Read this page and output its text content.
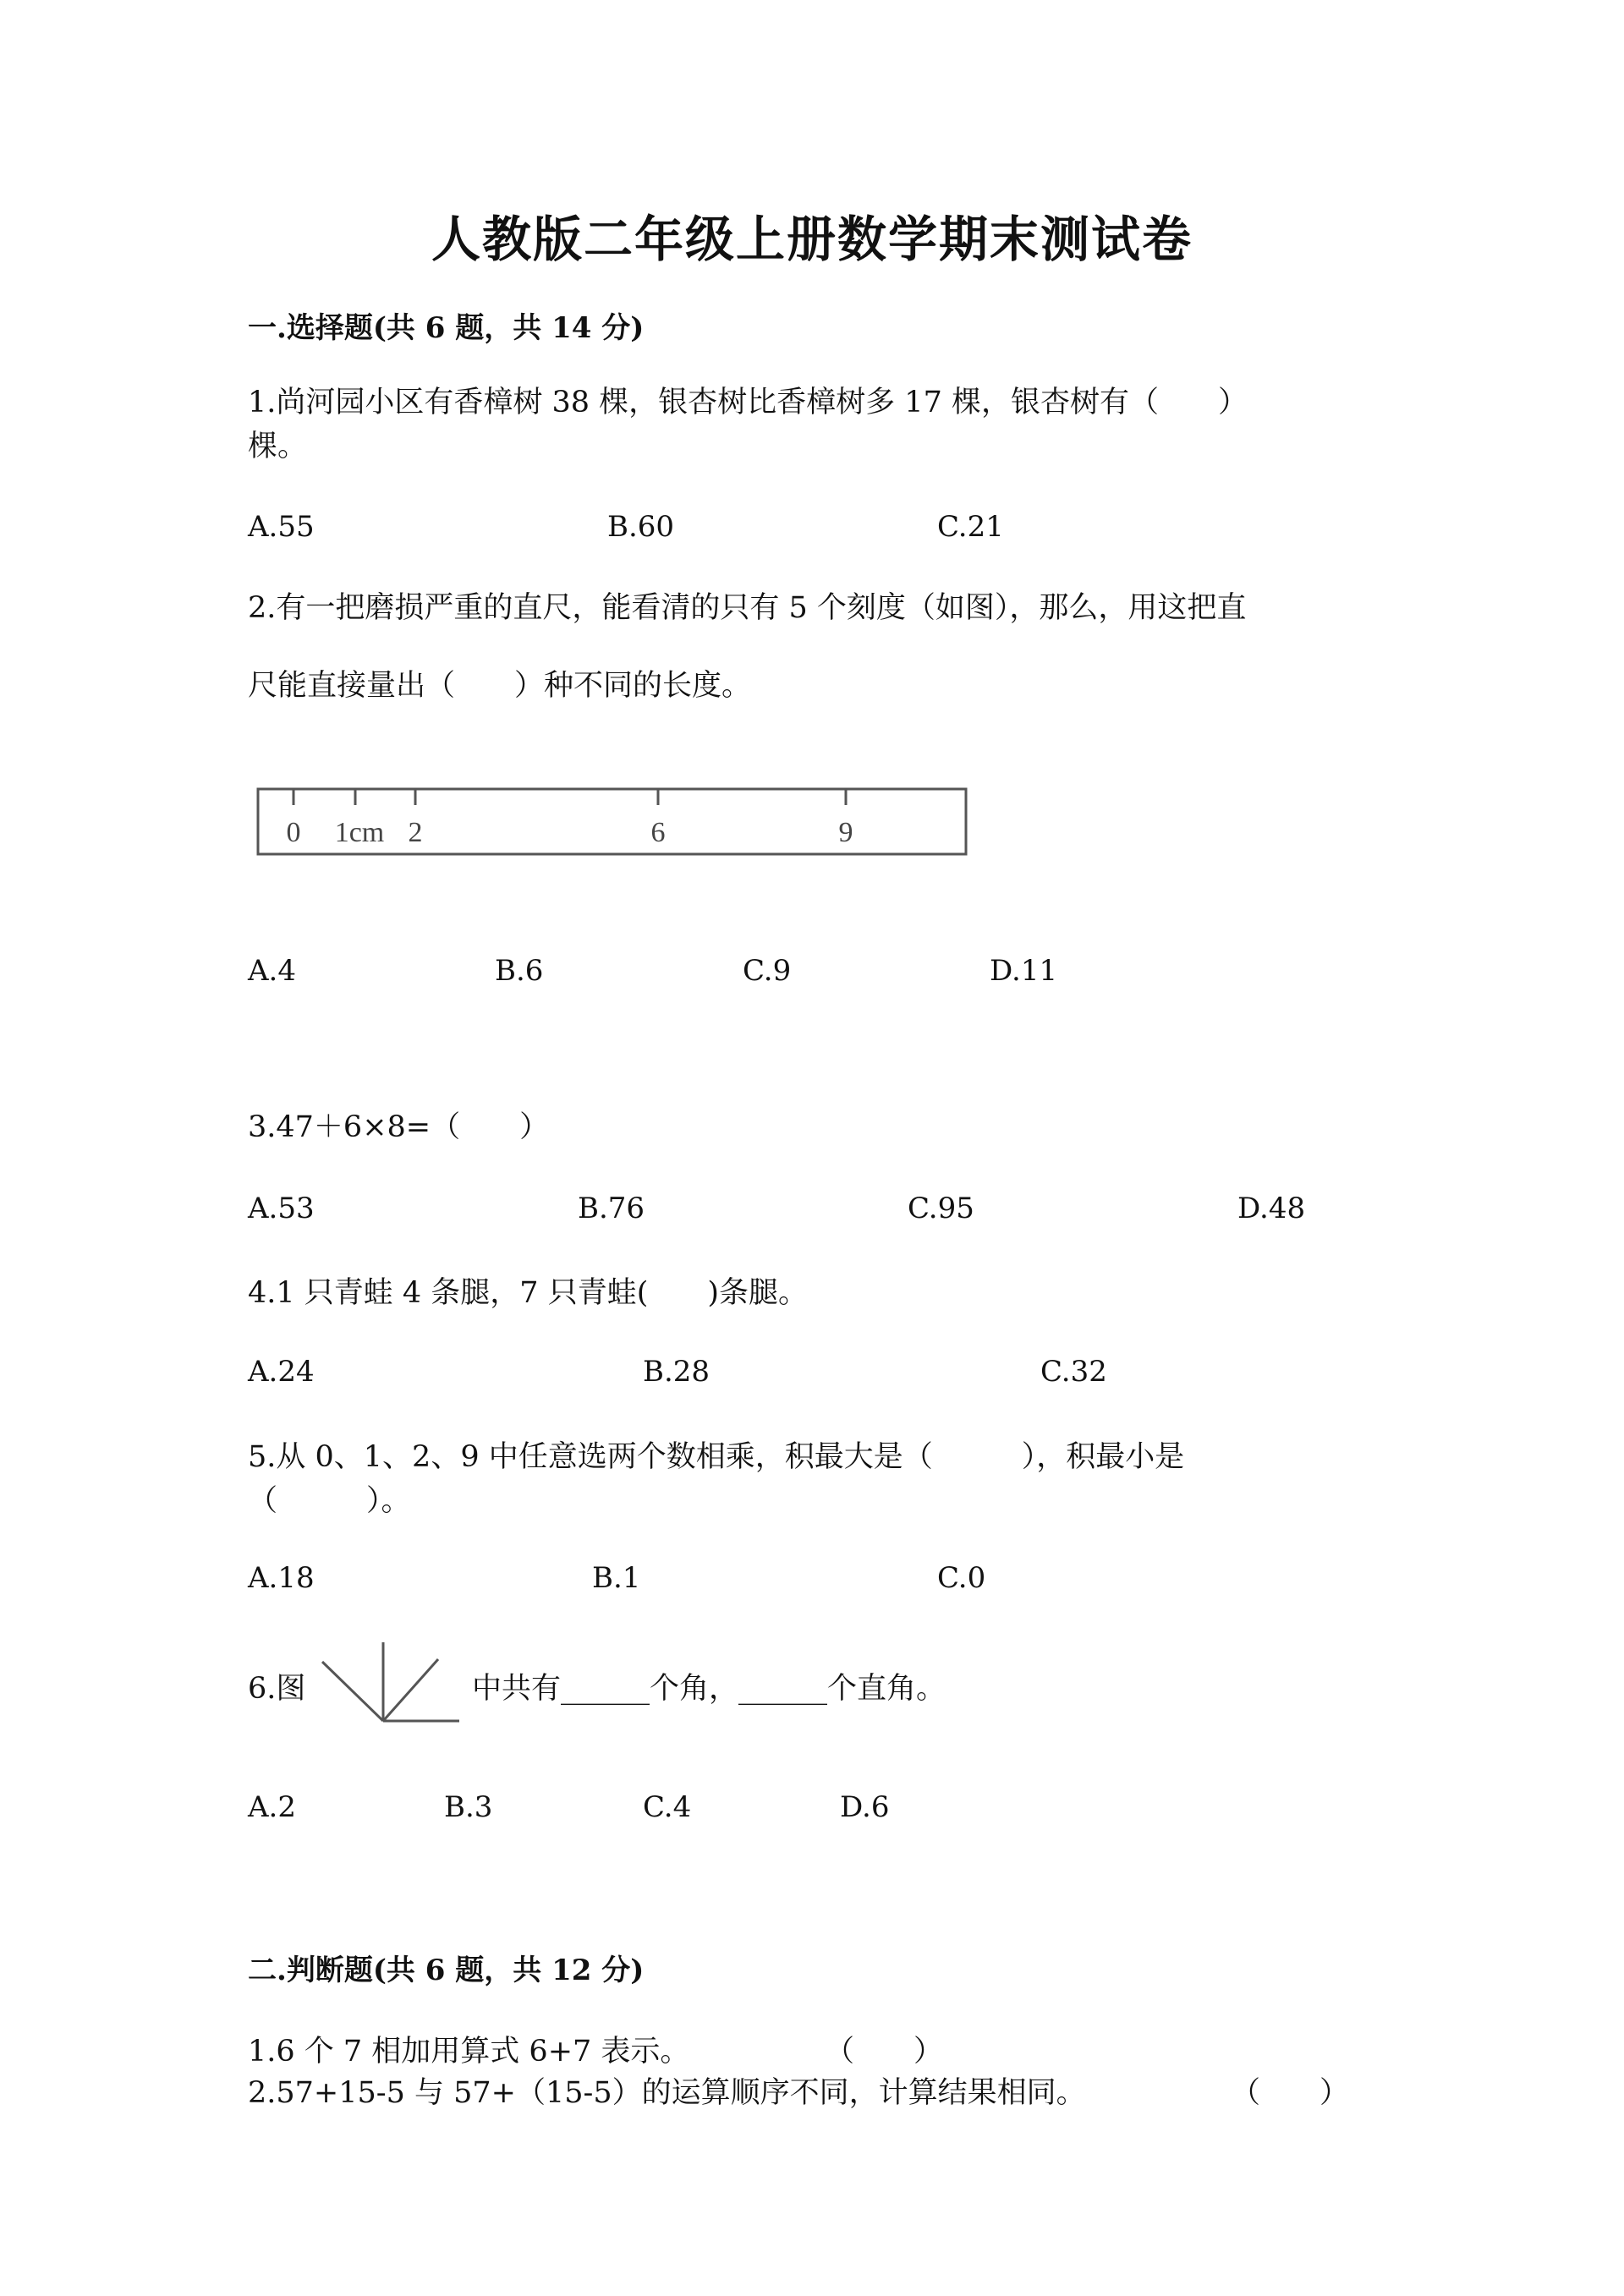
人教版二年级上册数学期末测试卷
一.选择题(共 6 题，共 14 分)
1.尚河园小区有香樟树 38 棵，银杏树比香樟树多 17 棵，银杏树有（　　）
棵。
A.55	B.60	C.21
2.有一把磨损严重的直尺，能看清的只有 5 个刻度（如图），那么，用这把直
尺能直接量出（　　）种不同的长度。
0 1cm 2	6	9
A.4	B.6	C.9	D.11
3.47＋6×8=（　　）
A.53	B.76	C.95	D.48
4.1 只青蛙 4 条腿，7 只青蛙(　　)条腿。
A.24	B.28	C.32
5.从 0、1、2、9 中任意选两个数相乘，积最大是（　　　），积最小是
（　　　）。
A.18	B.1	C.0
6.图	中共有______个角，______个直角。
A.2	B.3	C.4	D.6
二.判断题(共 6 题，共 12 分)
1.6 个 7 相加用算式 6+7 表示。	（　　）
2.57+15-5 与 57+（15-5）的运算顺序不同，计算结果相同。	（　　）
